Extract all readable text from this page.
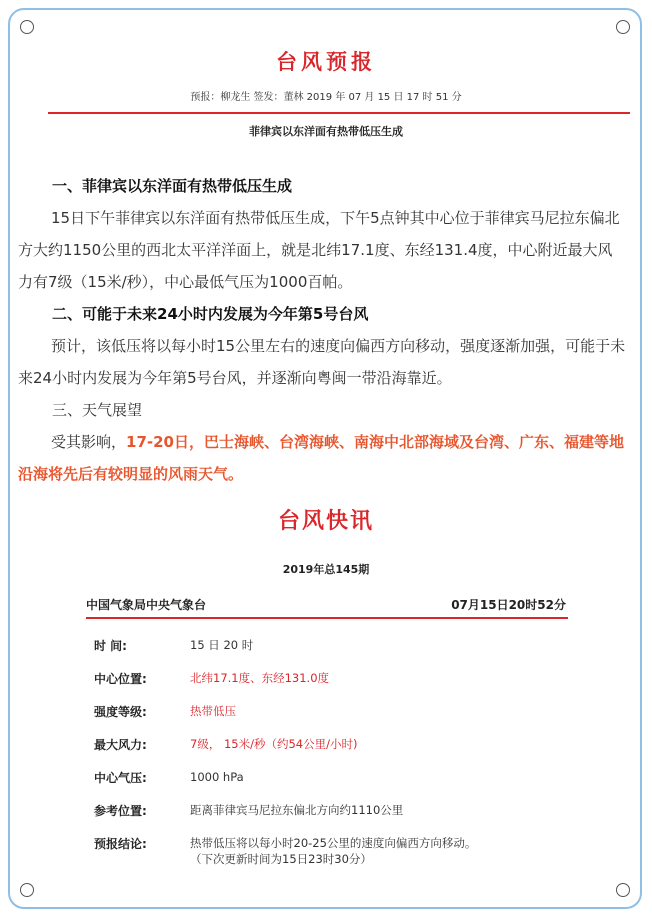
台风预报
预报：柳龙生 签发：董林 2019 年 07 月 15 日 17 时 51 分
菲律宾以东洋面有热带低压生成
一、菲律宾以东洋面有热带低压生成
15日下午菲律宾以东洋面有热带低压生成，下午5点钟其中心位于菲律宾马尼拉东偏北方大约1150公里的西北太平洋洋面上，就是北纬17.1度、东经131.4度，中心附近最大风力有7级（15米/秒），中心最低气压为1000百帕。
二、可能于未来24小时内发展为今年第5号台风
预计，该低压将以每小时15公里左右的速度向偏西方向移动，强度逐渐加强，可能于未来24小时内发展为今年第5号台风，并逐渐向粤闽一带沿海靠近。
三、天气展望
受其影响，17-20日，巴士海峡、台湾海峡、南海中北部海域及台湾、广东、福建等地沿海将先后有较明显的风雨天气。
台风快讯
2019年总145期
中国气象局中央气象台	07月15日20时52分
时 间:	15 日 20 时
中心位置:	北纬17.1度、东经131.0度
强度等级:	热带低压
最大风力:	7级， 15米/秒（约54公里/小时)
中心气压:	1000 hPa
参考位置:	距离菲律宾马尼拉东偏北方向约1110公里
预报结论:	热带低压将以每小时20-25公里的速度向偏西方向移动。
（下次更新时间为15日23时30分）
